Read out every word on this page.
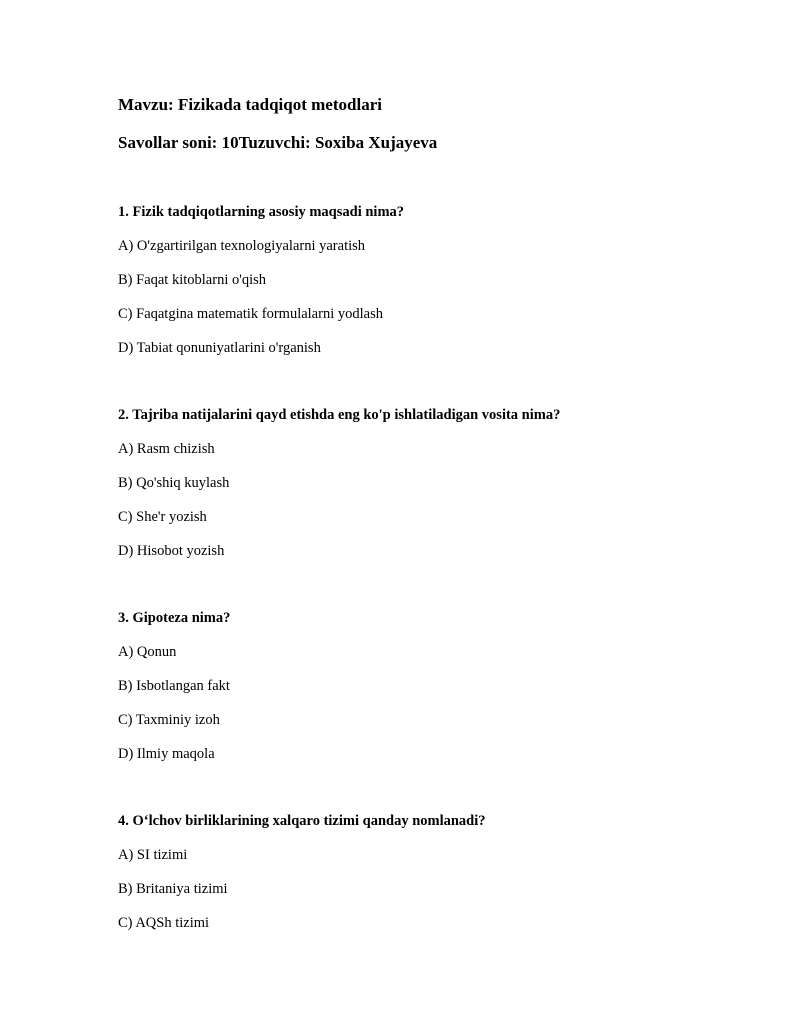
Mavzu: Fizikada tadqiqot metodlari
Savollar soni: 10Tuzuvchi: Soxiba Xujayeva

1. Fizik tadqiqotlarning asosiy maqsadi nima?

A) O'zgartirilgan texnologiyalarni yaratish
B) Faqat kitoblarni o'qish
C) Faqatgina matematik formulalarni yodlash
D) Tabiat qonuniyatlarini o'rganish

2. Tajriba natijalarini qayd etishda eng ko'p ishlatiladigan vosita nima?

A) Rasm chizish
B) Qo'shiq kuylash
C) She'r yozish
D) Hisobot yozish

3. Gipoteza nima?

A) Qonun
B) Isbotlangan fakt
C) Taxminiy izoh
D) Ilmiy maqola

4. O‘lchov birliklarining xalqaro tizimi qanday nomlanadi?

A) SI tizimi
B) Britaniya tizimi
C) AQSh tizimi
